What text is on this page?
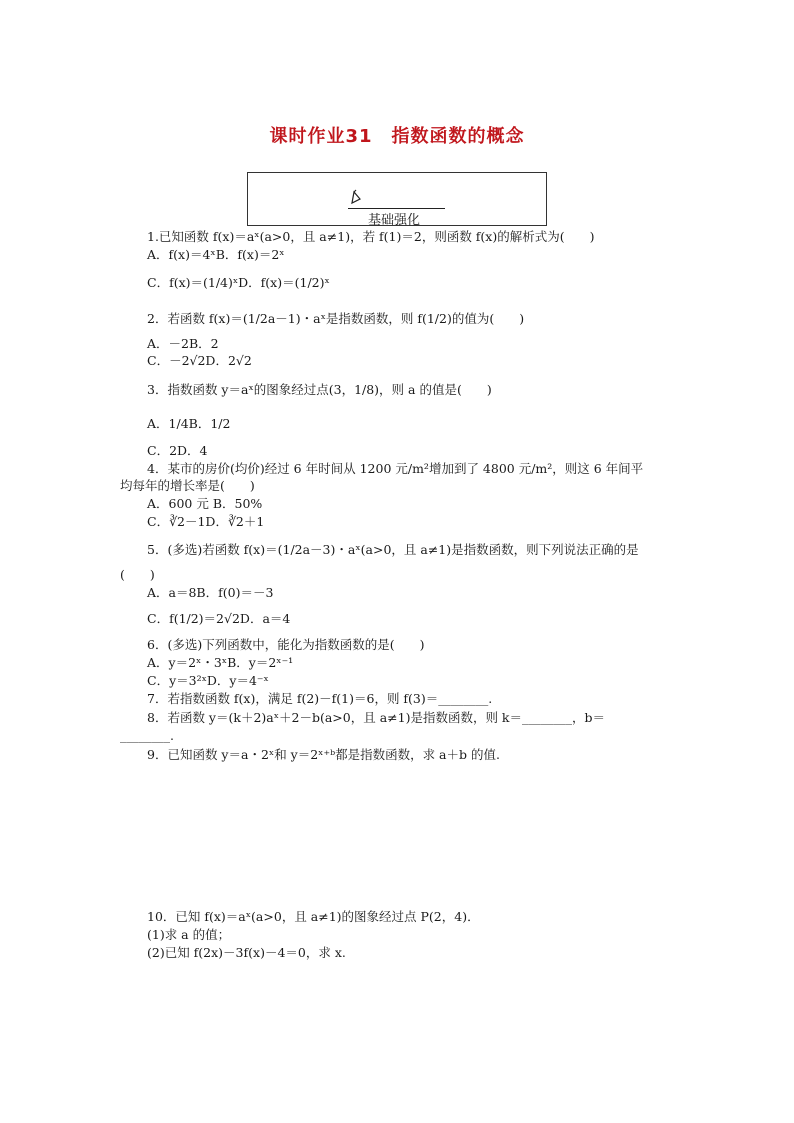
课时作业31　指数函数的概念
基础强化
1.已知函数 f(x)＝aˣ(a>0，且 a≠1)，若 f(1)＝2，则函数 f(x)的解析式为(　　)
A．f(x)＝4ˣB．f(x)＝2ˣ
C．f(x)＝(1/4)ˣD．f(x)＝(1/2)ˣ
2．若函数 f(x)＝(1/2a－1)・aˣ是指数函数，则 f(1/2)的值为(　　)
A．－2B．2
C．－2√2D．2√2
3．指数函数 y＝aˣ的图象经过点(3，1/8)，则 a 的值是(　　)
A．1/4B．1/2
C．2D．4
4．某市的房价(均价)经过 6 年时间从 1200 元/m²增加到了 4800 元/m²，则这 6 年间平
均每年的增长率是(　　)
A．600 元 B．50%
C．∛2－1D．∛2＋1
5．(多选)若函数 f(x)＝(1/2a－3)・aˣ(a>0，且 a≠1)是指数函数，则下列说法正确的是
(　　)
A．a＝8B．f(0)＝－3
C．f(1/2)＝2√2D．a＝4
6．(多选)下列函数中，能化为指数函数的是(　　)
A．y＝2ˣ・3ˣB．y＝2ˣ⁻¹
C．y＝3²ˣD．y＝4⁻ˣ
7．若指数函数 f(x)，满足 f(2)－f(1)＝6，则 f(3)＝________.
8．若函数 y＝(k＋2)aˣ＋2－b(a>0，且 a≠1)是指数函数，则 k＝________，b＝
________.
9．已知函数 y＝a・2ˣ和 y＝2ˣ⁺ᵇ都是指数函数，求 a＋b 的值.
10．已知 f(x)＝aˣ(a>0，且 a≠1)的图象经过点 P(2，4)．
(1)求 a 的值；
(2)已知 f(2x)－3f(x)－4＝0，求 x.
